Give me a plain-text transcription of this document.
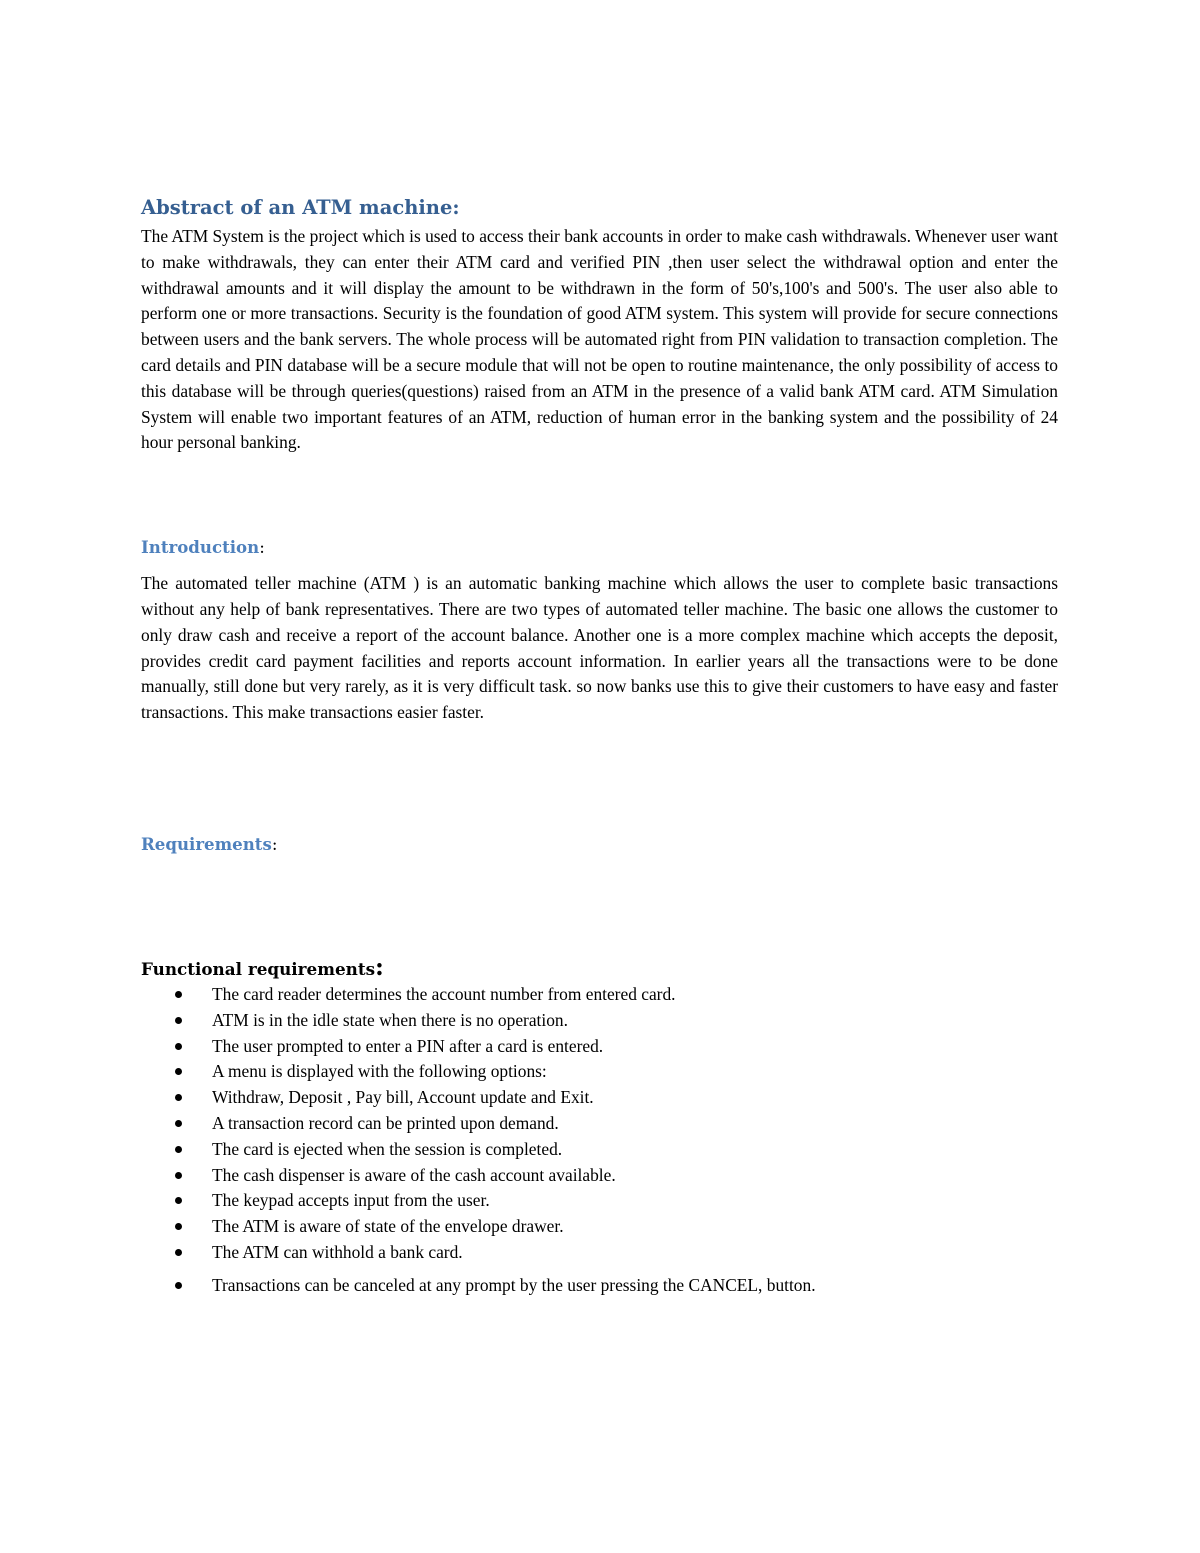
Abstract of an ATM machine:

The ATM System is the project which is used to access their bank accounts in order to make cash withdrawals. Whenever user want to make withdrawals, they can enter their ATM card and verified PIN ,then user select the withdrawal option and enter the withdrawal amounts and it will display the amount to be withdrawn in the form of 50's,100's and 500's. The user also able to perform one or more transactions. Security is the foundation of good ATM system. This system will provide for secure connections between users and the bank servers. The whole process will be automated right from PIN validation to transaction completion. The card details and PIN database will be a secure module that will not be open to routine maintenance, the only possibility of access to this database will be through queries(questions) raised from an ATM in the presence of a valid bank ATM card. ATM Simulation System will enable two important features of an ATM, reduction of human error in the banking system and the possibility of 24 hour personal banking.

Introduction:

The automated teller machine (ATM ) is an automatic banking machine which allows the user to complete basic transactions without any help of bank representatives. There are two types of automated teller machine. The basic one allows the customer to only draw cash and receive a report of the account balance. Another one is a more complex machine which accepts the deposit, provides credit card payment facilities and reports account information. In earlier years all the transactions were to be done manually, still done but very rarely, as it is very difficult task. so now banks use this to give their customers to have easy and faster transactions. This make transactions easier faster.

Requirements:
Functional requirements:
The card reader determines the account number from entered card.
ATM is in the idle state when there is no operation.
The user prompted to enter a PIN after a card is entered.
A menu is displayed with the following options:
Withdraw, Deposit , Pay bill, Account update and Exit.
A transaction record can be printed upon demand.
The card is ejected when the session is completed.
The cash dispenser is aware of the cash account available.
The keypad accepts input from the user.
The ATM is aware of state of the envelope drawer.
The ATM can withhold a bank card.
Transactions can be canceled at any prompt by the user pressing the CANCEL, button.
